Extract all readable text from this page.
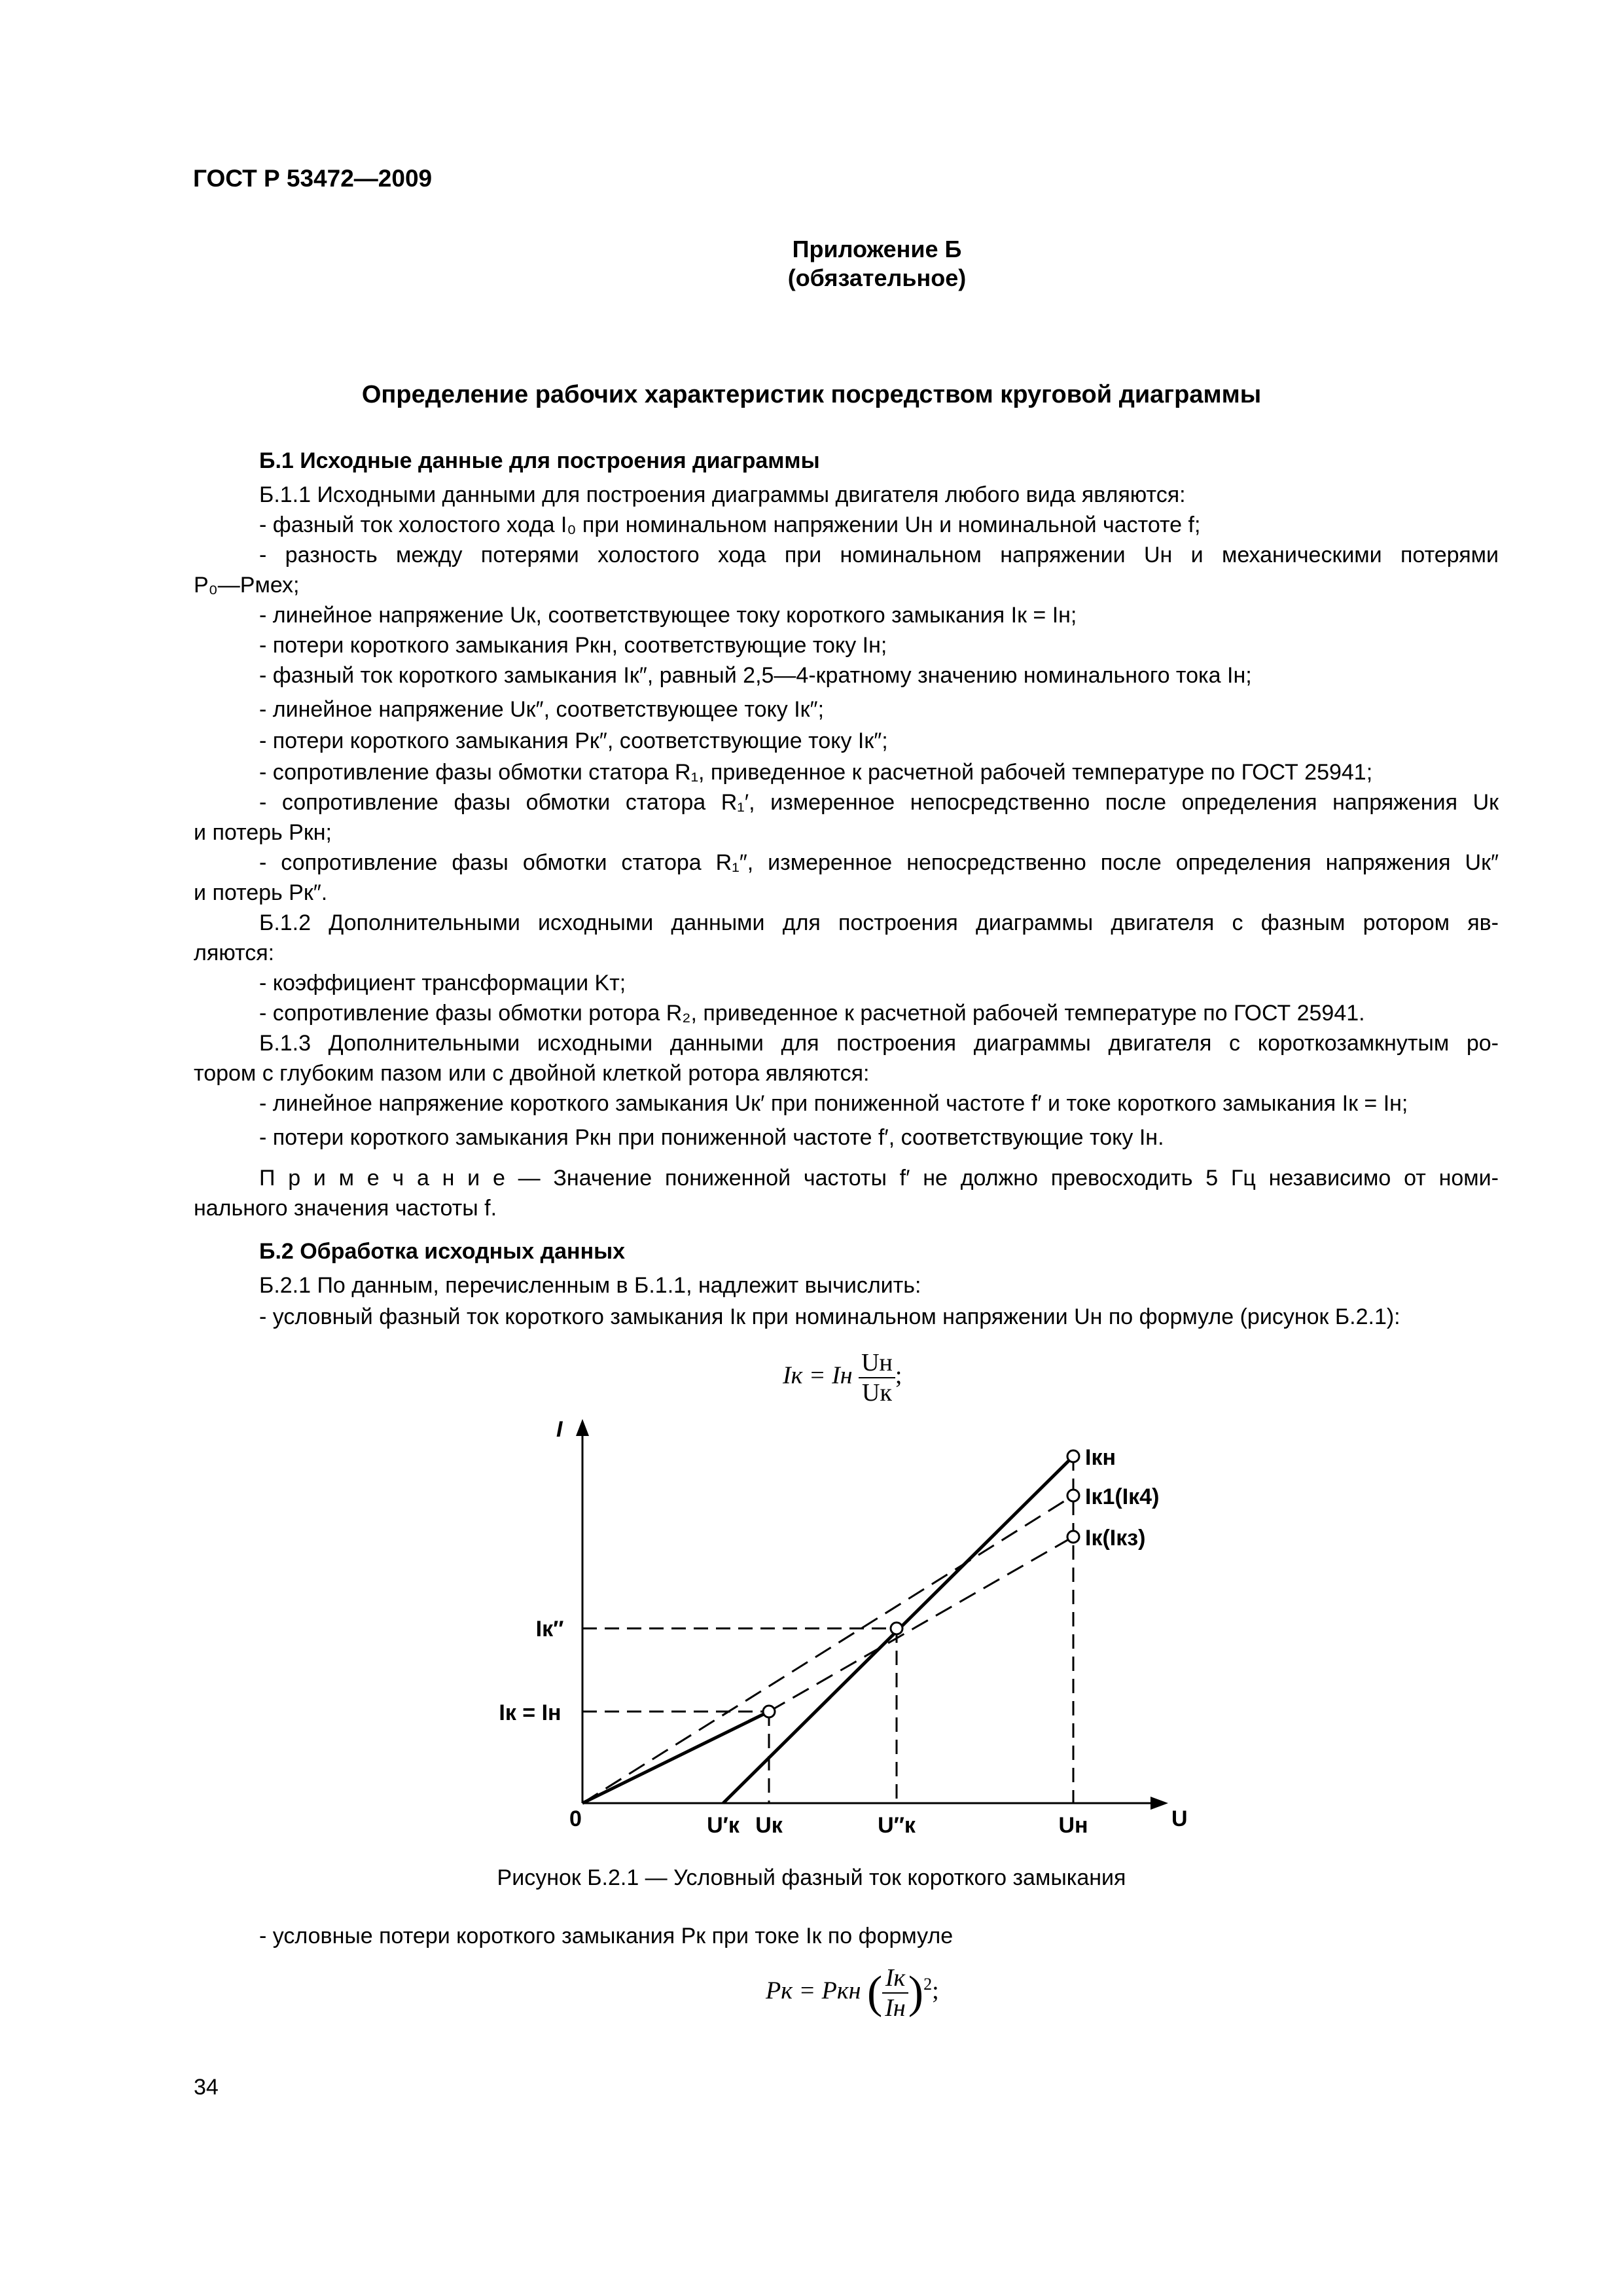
ГОСТ Р 53472—2009
Приложение Б
(обязательное)
Определение рабочих характеристик посредством круговой диаграммы
Б.1 Исходные данные для построения диаграммы
Б.1.1 Исходными данными для построения диаграммы двигателя любого вида являются:
- фазный ток холостого хода I₀ при номинальном напряжении Uн и номинальной частоте f;
- разность между потерями холостого хода при номинальном напряжении Uн и механическими потерями
P₀—Pмех;
- линейное напряжение Uк, соответствующее току короткого замыкания Iк = Iн;
- потери короткого замыкания Pкн, соответствующие току Iн;
- фазный ток короткого замыкания Iк″, равный 2,5—4-кратному значению номинального тока Iн;
- линейное напряжение Uк″, соответствующее току Iк″;
- потери короткого замыкания Pк″, соответствующие току Iк″;
- сопротивление фазы обмотки статора R₁, приведенное к расчетной рабочей температуре по ГОСТ 25941;
- сопротивление фазы обмотки статора R₁′, измеренное непосредственно после определения напряжения Uк
и потерь Pкн;
- сопротивление фазы обмотки статора R₁″, измеренное непосредственно после определения напряжения Uк″
и потерь Pк″.
Б.1.2 Дополнительными исходными данными для построения диаграммы двигателя с фазным ротором яв-
ляются:
- коэффициент трансформации Kт;
- сопротивление фазы обмотки ротора R₂, приведенное к расчетной рабочей температуре по ГОСТ 25941.
Б.1.3 Дополнительными исходными данными для построения диаграммы двигателя с короткозамкнутым ро-
тором с глубоким пазом или с двойной клеткой ротора являются:
- линейное напряжение короткого замыкания Uк′ при пониженной частоте f′ и токе короткого замыкания Iк = Iн;
- потери короткого замыкания Pкн при пониженной частоте f′, соответствующие току Iн.
П р и м е ч а н и е — Значение пониженной частоты f′ не должно превосходить 5 Гц независимо от номи-
нального значения частоты f.
Б.2 Обработка исходных данных
Б.2.1 По данным, перечисленным в Б.1.1, надлежит вычислить:
- условный фазный ток короткого замыкания Iк при номинальном напряжении Uн по формуле (рисунок Б.2.1):
Iк = Iн $\frac{Uн}{Uк}$ ;
I
U
0
Iк″
Iк = Iн
U′к Uк	U″к	Uн
Iкн
Iк1(Iк4)
Iк(Iкз)
Рисунок Б.2.1 — Условный фазный ток короткого замыкания
- условные потери короткого замыкания Pк при токе Iк по формуле
Pк = Pкн ( $\frac{Iк}{Iн} )^2$;
34
